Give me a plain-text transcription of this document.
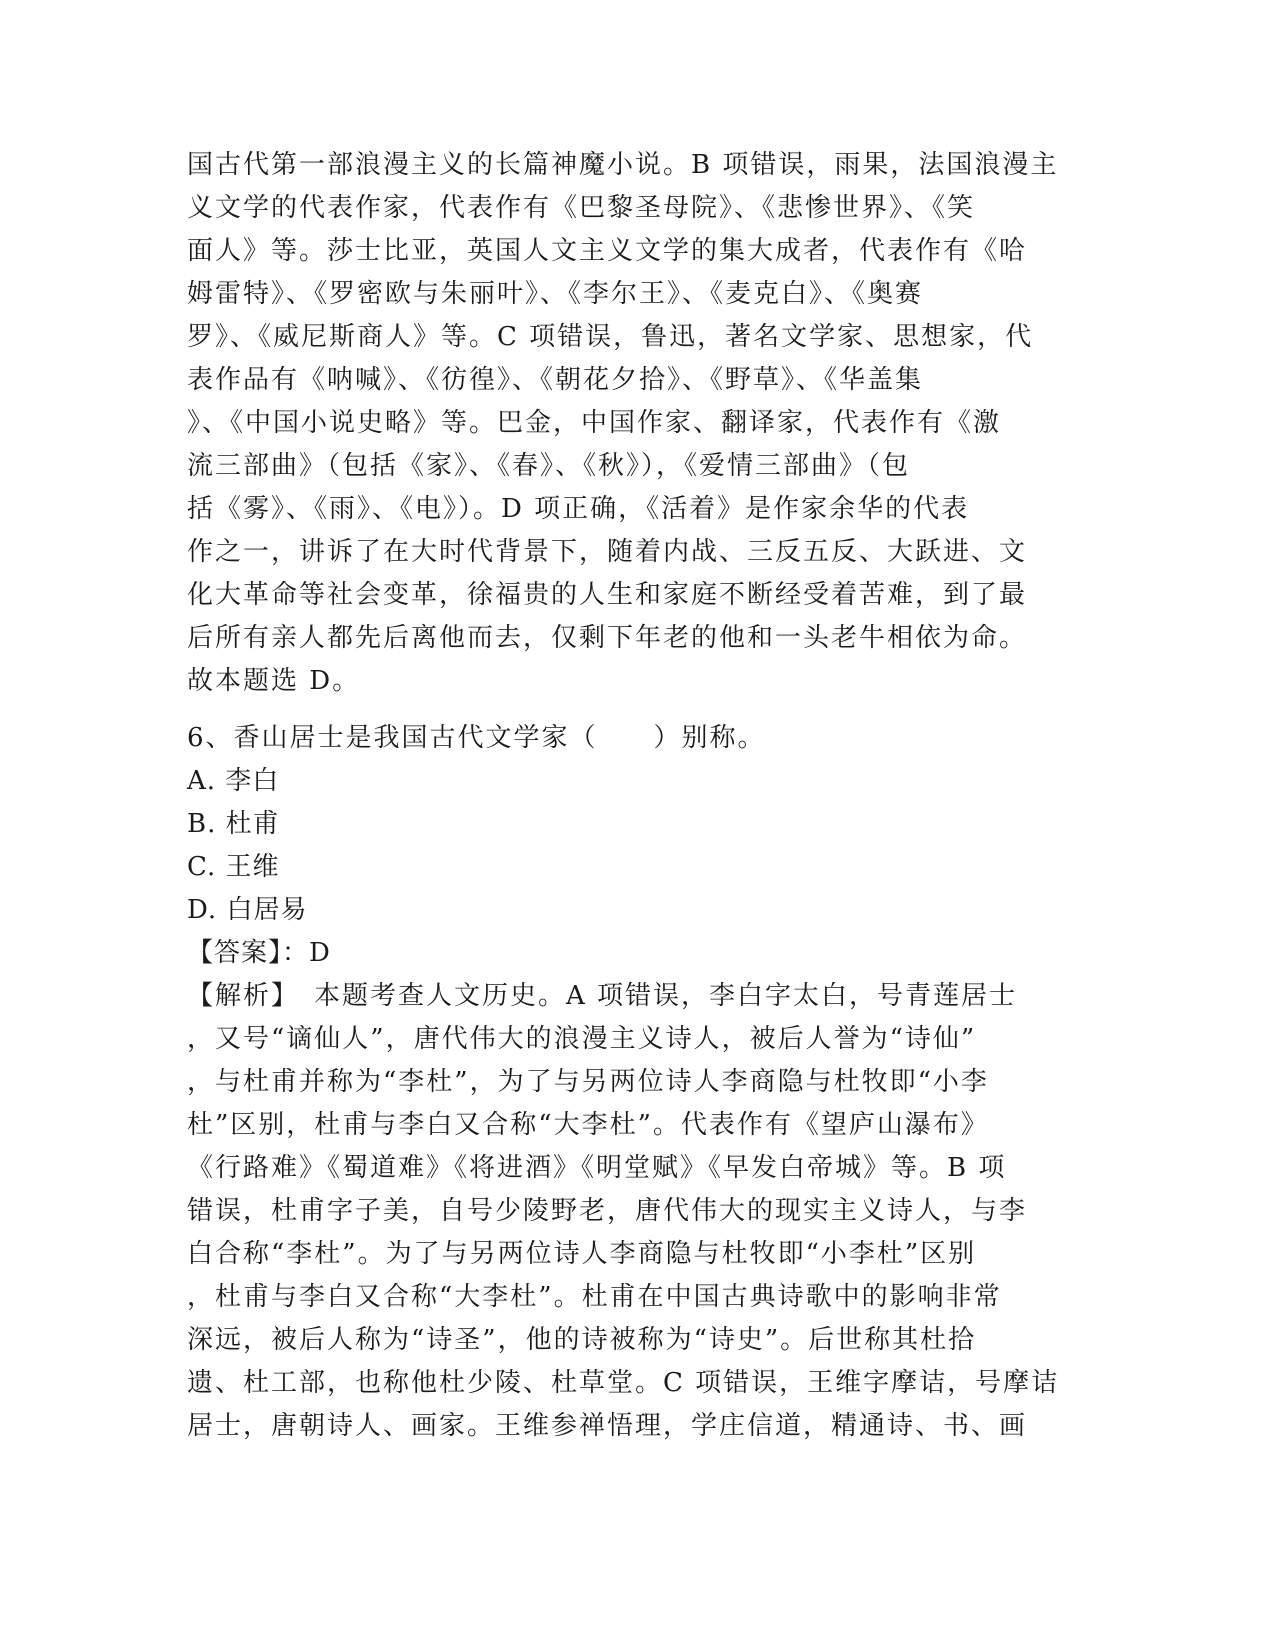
国古代第一部浪漫主义的长篇神魔小说。B 项错误，雨果，法国浪漫主
义文学的代表作家，代表作有《巴黎圣母院》、《悲惨世界》、《笑
面人》等。莎士比亚，英国人文主义文学的集大成者，代表作有《哈
姆雷特》、《罗密欧与朱丽叶》、《李尔王》、《麦克白》、《奥赛
罗》、《威尼斯商人》等。C 项错误，鲁迅，著名文学家、思想家，代
表作品有《呐喊》、《彷徨》、《朝花夕拾》、《野草》、《华盖集
》、《中国小说史略》等。巴金，中国作家、翻译家，代表作有《激
流三部曲》（包括《家》、《春》、《秋》），《爱情三部曲》（包
括《雾》、《雨》、《电》）。D 项正确，《活着》是作家余华的代表
作之一，讲诉了在大时代背景下，随着内战、三反五反、大跃进、文
化大革命等社会变革，徐福贵的人生和家庭不断经受着苦难，到了最
后所有亲人都先后离他而去，仅剩下年老的他和一头老牛相依为命。
故本题选 D。

6、香山居士是我国古代文学家（　　）别称。

A. 李白

B. 杜甫

C. 王维

D. 白居易

【答案】：D

【解析】　本题考查人文历史。A 项错误，李白字太白，号青莲居士
，又号“谪仙人”，唐代伟大的浪漫主义诗人，被后人誉为“诗仙”
，与杜甫并称为“李杜”，为了与另两位诗人李商隐与杜牧即“小李
杜”区别，杜甫与李白又合称“大李杜”。代表作有《望庐山瀑布》
《行路难》《蜀道难》《将进酒》《明堂赋》《早发白帝城》等。B 项
错误，杜甫字子美，自号少陵野老，唐代伟大的现实主义诗人，与李
白合称“李杜”。为了与另两位诗人李商隐与杜牧即“小李杜”区别
，杜甫与李白又合称“大李杜”。杜甫在中国古典诗歌中的影响非常
深远，被后人称为“诗圣”，他的诗被称为“诗史”。后世称其杜拾
遗、杜工部，也称他杜少陵、杜草堂。C 项错误，王维字摩诘，号摩诘
居士，唐朝诗人、画家。王维参禅悟理，学庄信道，精通诗、书、画
